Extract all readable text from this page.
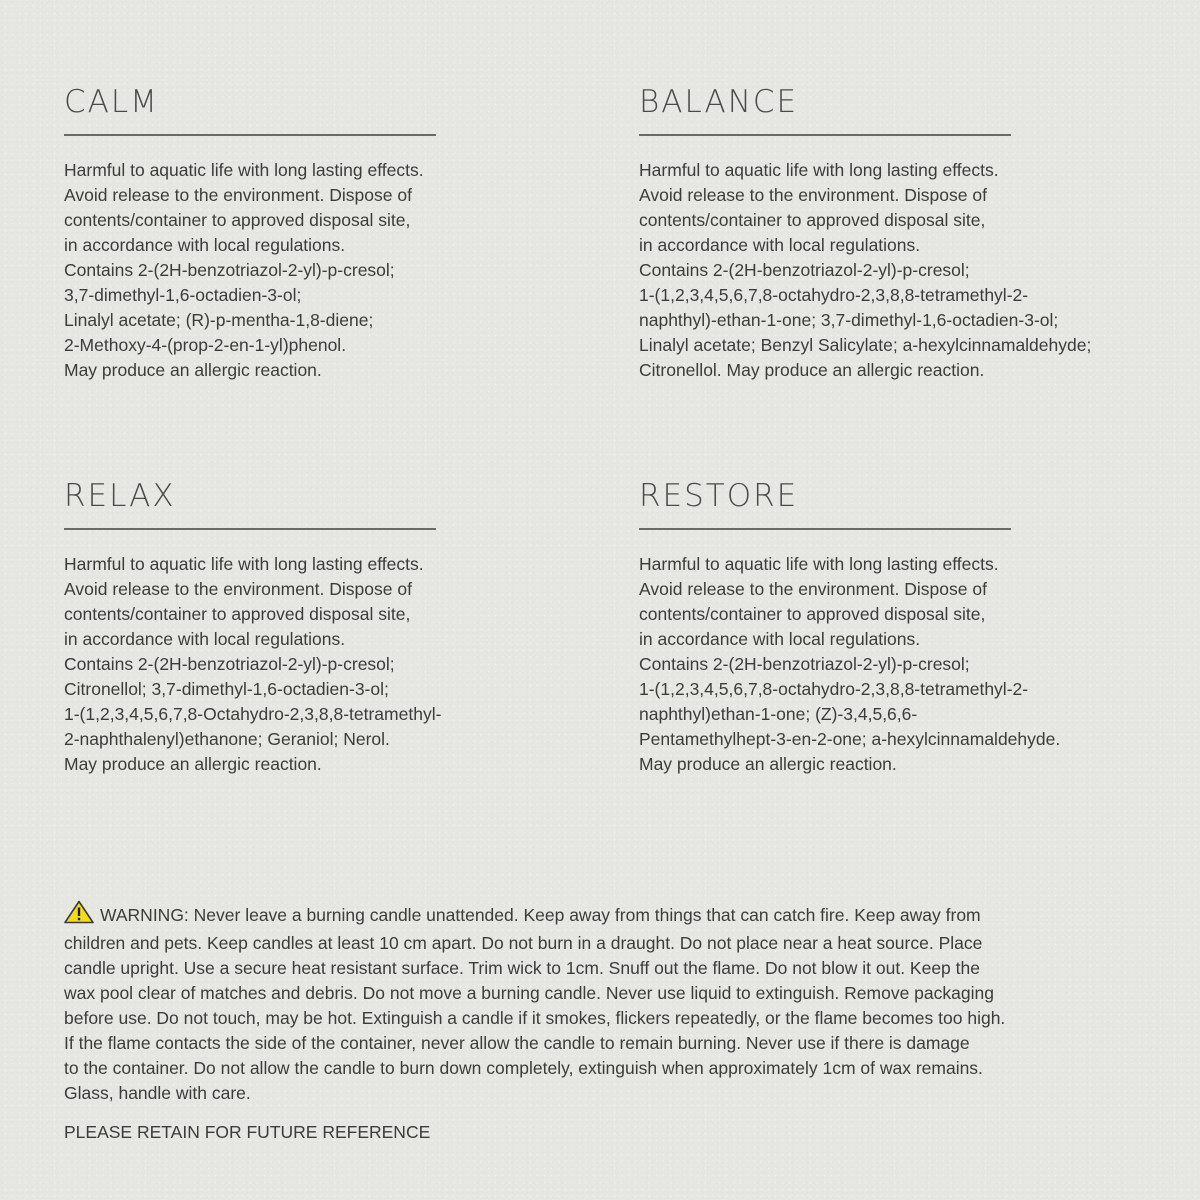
CALM
Harmful to aquatic life with long lasting effects.
Avoid release to the environment. Dispose of
contents/container to approved disposal site,
in accordance with local regulations.
Contains 2-(2H-benzotriazol-2-yl)-p-cresol;
3,7-dimethyl-1,6-octadien-3-ol;
Linalyl acetate; (R)-p-mentha-1,8-diene;
2-Methoxy-4-(prop-2-en-1-yl)phenol.
May produce an allergic reaction.
BALANCE
Harmful to aquatic life with long lasting effects.
Avoid release to the environment. Dispose of
contents/container to approved disposal site,
in accordance with local regulations.
Contains 2-(2H-benzotriazol-2-yl)-p-cresol;
1-(1,2,3,4,5,6,7,8-octahydro-2,3,8,8-tetramethyl-2-
naphthyl)-ethan-1-one; 3,7-dimethyl-1,6-octadien-3-ol;
Linalyl acetate; Benzyl Salicylate; a-hexylcinnamaldehyde;
Citronellol. May produce an allergic reaction.
RELAX
Harmful to aquatic life with long lasting effects.
Avoid release to the environment. Dispose of
contents/container to approved disposal site,
in accordance with local regulations.
Contains 2-(2H-benzotriazol-2-yl)-p-cresol;
Citronellol; 3,7-dimethyl-1,6-octadien-3-ol;
1-(1,2,3,4,5,6,7,8-Octahydro-2,3,8,8-tetramethyl-
2-naphthalenyl)ethanone; Geraniol; Nerol.
May produce an allergic reaction.
RESTORE
Harmful to aquatic life with long lasting effects.
Avoid release to the environment. Dispose of
contents/container to approved disposal site,
in accordance with local regulations.
Contains 2-(2H-benzotriazol-2-yl)-p-cresol;
1-(1,2,3,4,5,6,7,8-octahydro-2,3,8,8-tetramethyl-2-
naphthyl)ethan-1-one; (Z)-3,4,5,6,6-
Pentamethylhept-3-en-2-one; a-hexylcinnamaldehyde.
May produce an allergic reaction.
WARNING: Never leave a burning candle unattended. Keep away from things that can catch fire. Keep away from
children and pets. Keep candles at least 10 cm apart. Do not burn in a draught. Do not place near a heat source. Place
candle upright. Use a secure heat resistant surface. Trim wick to 1cm. Snuff out the flame. Do not blow it out. Keep the
wax pool clear of matches and debris. Do not move a burning candle. Never use liquid to extinguish. Remove packaging
before use. Do not touch, may be hot. Extinguish a candle if it smokes, flickers repeatedly, or the flame becomes too high.
If the flame contacts the side of the container, never allow the candle to remain burning. Never use if there is damage
to the container. Do not allow the candle to burn down completely, extinguish when approximately 1cm of wax remains.
Glass, handle with care.
PLEASE RETAIN FOR FUTURE REFERENCE
